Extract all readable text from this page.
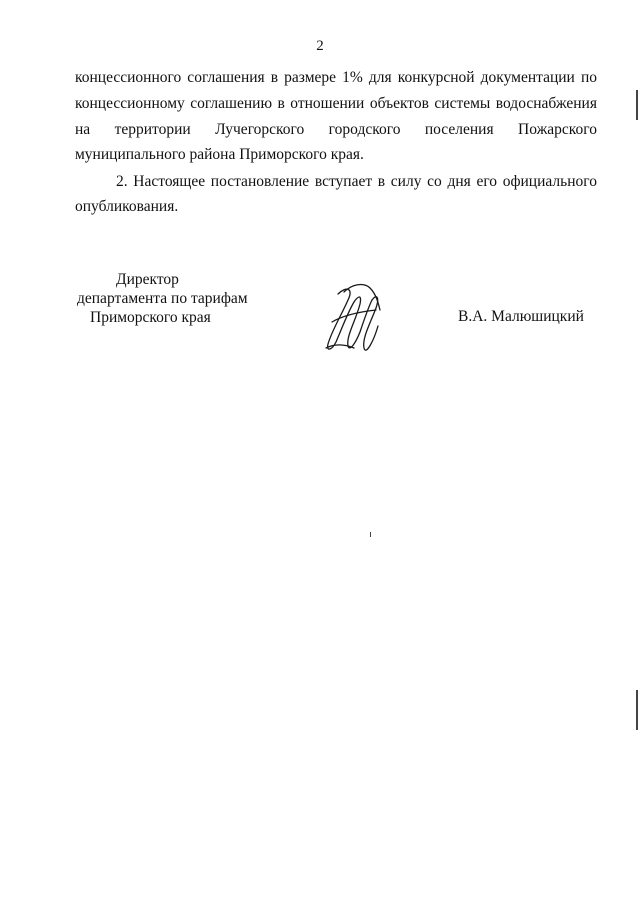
2
концессионного соглашения в размере 1% для конкурсной документации по
концессионному соглашению в отношении объектов системы водоснабжения
на территории Лучегорского городского поселения Пожарского
муниципального района Приморского края.
2. Настоящее постановление вступает в силу со дня его официального
опубликования.
Директор
департамента по тарифам
Приморского края	В.А. Малюшицкий
